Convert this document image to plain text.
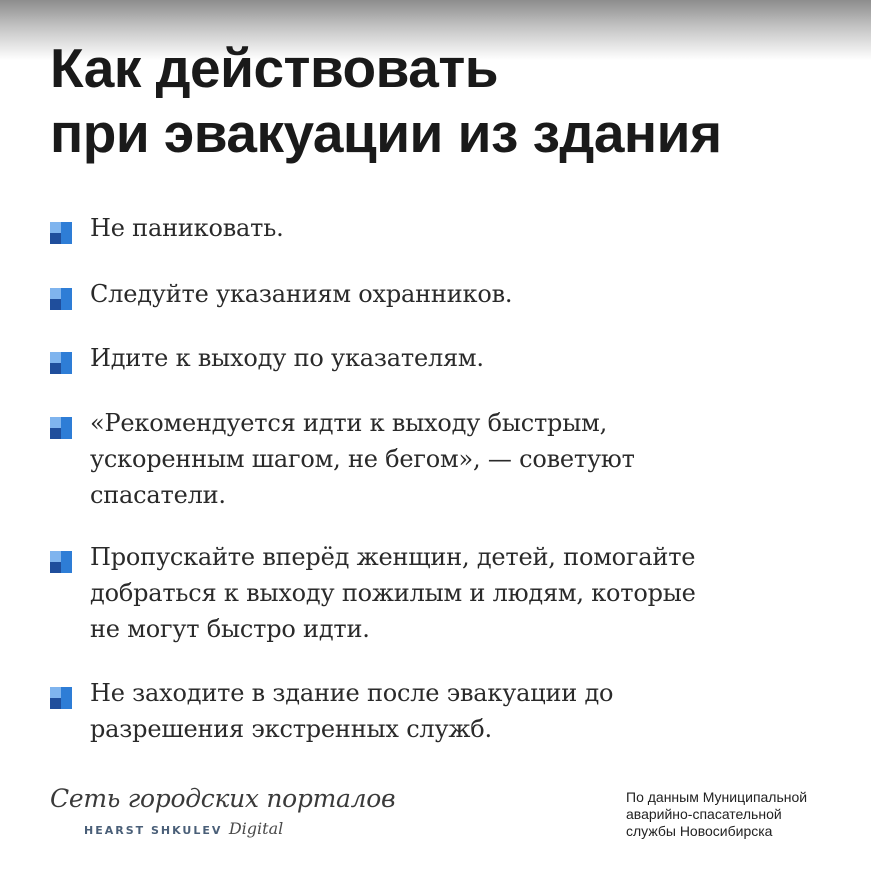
Как действовать
при эвакуации из здания

Не паниковать.

Следуйте указаниям охранников.

Идите к выходу по указателям.

«Рекомендуется идти к выходу быстрым,
ускоренным шагом, не бегом», — советуют
спасатели.

Пропускайте вперёд женщин, детей, помогайте
добраться к выходу пожилым и людям, которые
не могут быстро идти.

Не заходите в здание после эвакуации до
разрешения экстренных служб.

Сеть городских порталов
HEARST SHKULEV Digital
По данным Муниципальной
аварийно-спасательной
службы Новосибирска
